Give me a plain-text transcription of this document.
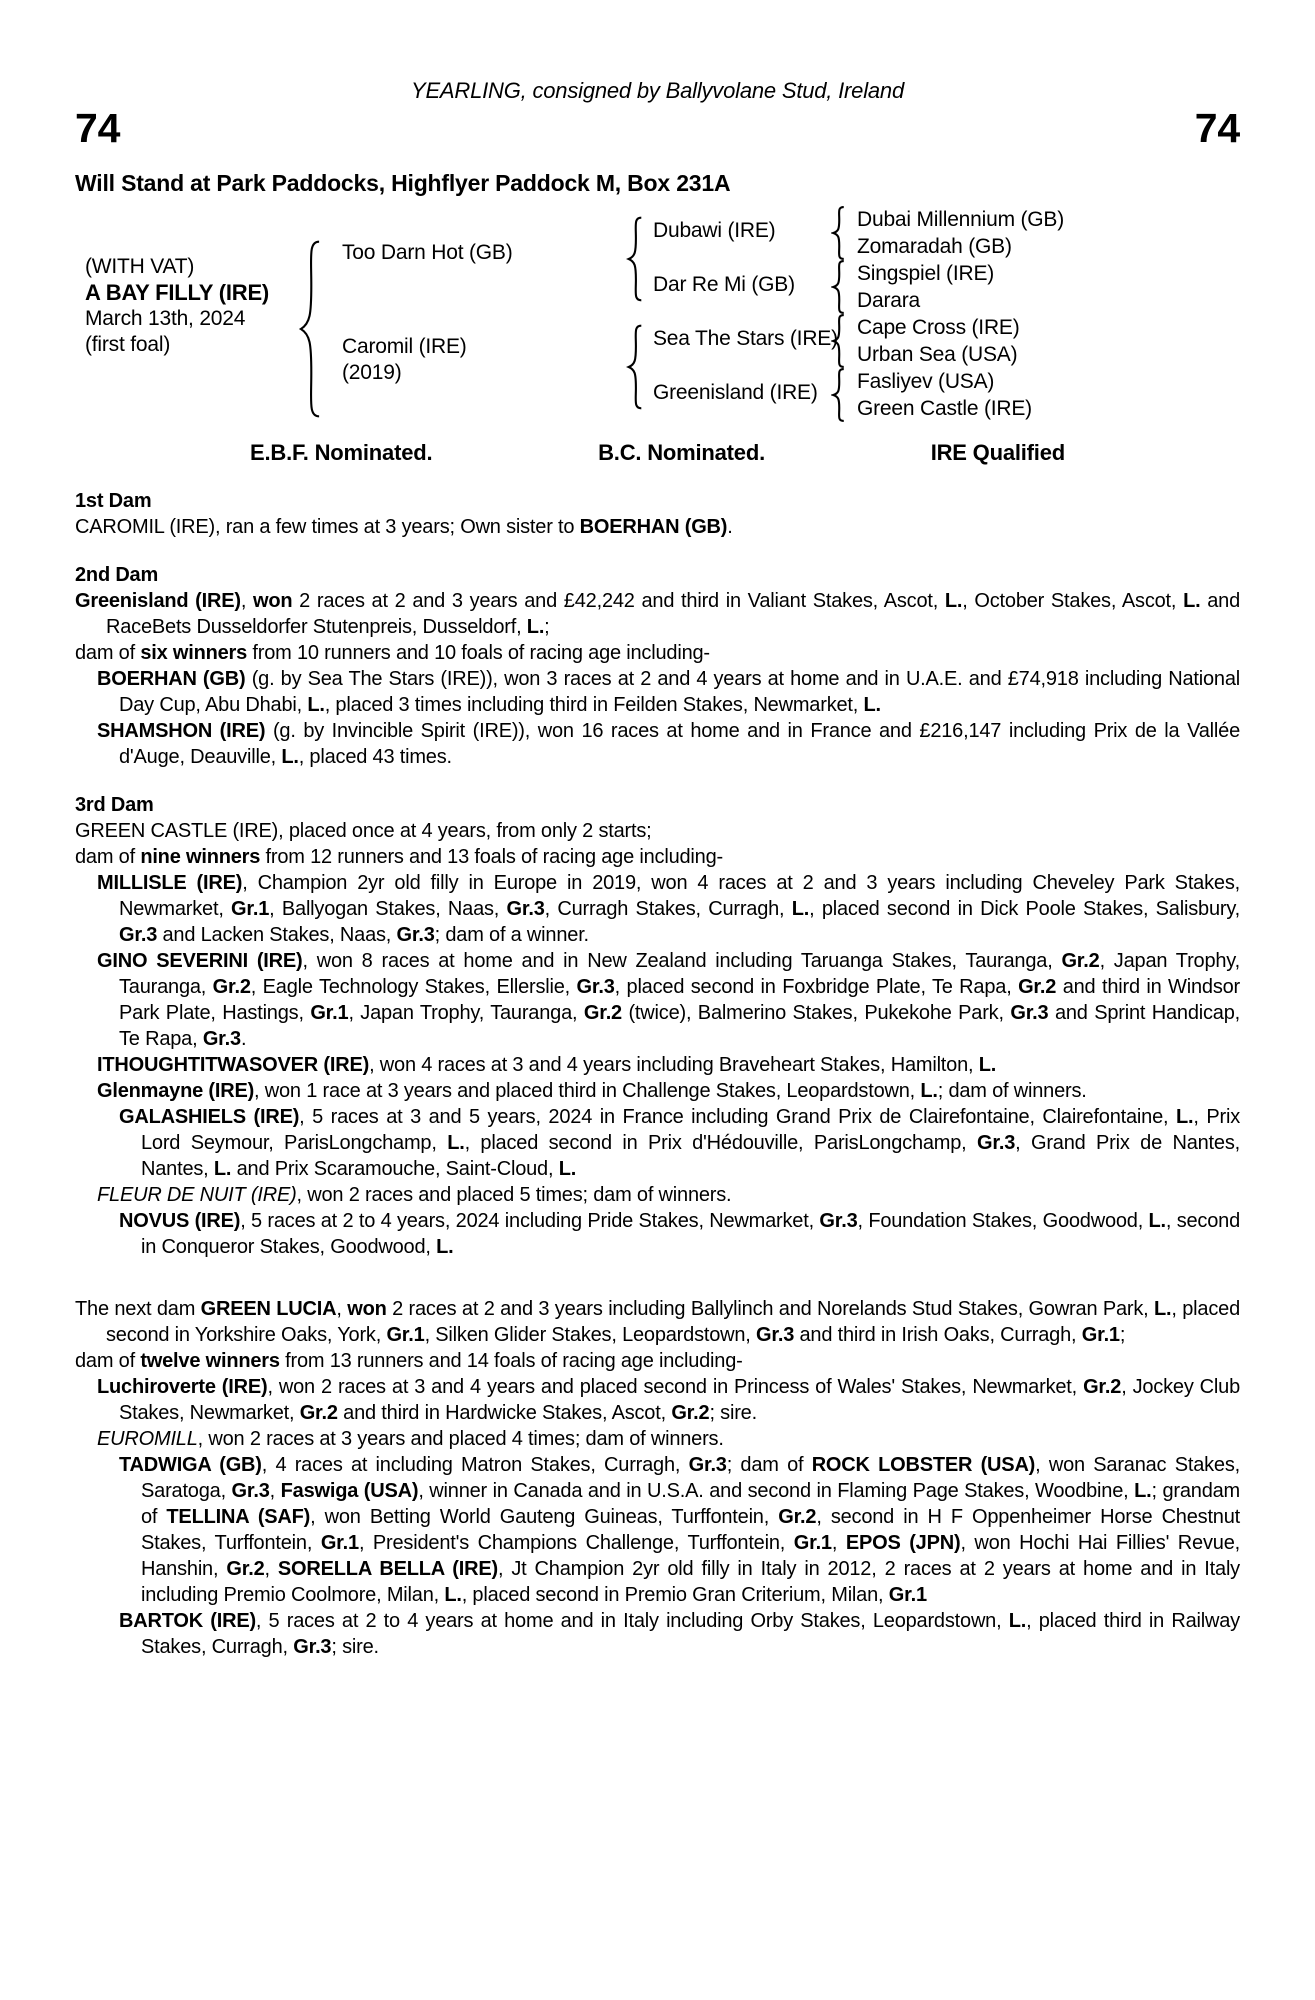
YEARLING, consigned by Ballyvolane Stud, Ireland
74	74
Will Stand at Park Paddocks, Highflyer Paddock M, Box 231A
(WITH VAT)
A BAY FILLY (IRE)
March 13th, 2024
(first foal)
Too Darn Hot (GB)
Caromil (IRE)
(2019)
Dubawi (IRE)
Dar Re Mi (GB)
Sea The Stars (IRE)
Greenisland (IRE)
Dubai Millennium (GB)
Zomaradah (GB)
Singspiel (IRE)
Darara
Cape Cross (IRE)
Urban Sea (USA)
Fasliyev (USA)
Green Castle (IRE)
E.B.F. Nominated.	B.C. Nominated.	IRE Qualified
1st Dam
CAROMIL (IRE), ran a few times at 3 years; Own sister to BOERHAN (GB).
2nd Dam
Greenisland (IRE), won 2 races at 2 and 3 years and £42,242 and third in Valiant Stakes, Ascot, L., October Stakes, Ascot, L. and RaceBets Dusseldorfer Stutenpreis, Dusseldorf, L.;
dam of six winners from 10 runners and 10 foals of racing age including-
BOERHAN (GB) (g. by Sea The Stars (IRE)), won 3 races at 2 and 4 years at home and in U.A.E. and £74,918 including National Day Cup, Abu Dhabi, L., placed 3 times including third in Feilden Stakes, Newmarket, L.
SHAMSHON (IRE) (g. by Invincible Spirit (IRE)), won 16 races at home and in France and £216,147 including Prix de la Vallée d'Auge, Deauville, L., placed 43 times.
3rd Dam
GREEN CASTLE (IRE), placed once at 4 years, from only 2 starts;
dam of nine winners from 12 runners and 13 foals of racing age including-
MILLISLE (IRE), Champion 2yr old filly in Europe in 2019, won 4 races at 2 and 3 years including Cheveley Park Stakes, Newmarket, Gr.1, Ballyogan Stakes, Naas, Gr.3, Curragh Stakes, Curragh, L., placed second in Dick Poole Stakes, Salisbury, Gr.3 and Lacken Stakes, Naas, Gr.3; dam of a winner.
GINO SEVERINI (IRE), won 8 races at home and in New Zealand including Taruanga Stakes, Tauranga, Gr.2, Japan Trophy, Tauranga, Gr.2, Eagle Technology Stakes, Ellerslie, Gr.3, placed second in Foxbridge Plate, Te Rapa, Gr.2 and third in Windsor Park Plate, Hastings, Gr.1, Japan Trophy, Tauranga, Gr.2 (twice), Balmerino Stakes, Pukekohe Park, Gr.3 and Sprint Handicap, Te Rapa, Gr.3.
ITHOUGHTITWASOVER (IRE), won 4 races at 3 and 4 years including Braveheart Stakes, Hamilton, L.
Glenmayne (IRE), won 1 race at 3 years and placed third in Challenge Stakes, Leopardstown, L.; dam of winners.
GALASHIELS (IRE), 5 races at 3 and 5 years, 2024 in France including Grand Prix de Clairefontaine, Clairefontaine, L., Prix Lord Seymour, ParisLongchamp, L., placed second in Prix d'Hédouville, ParisLongchamp, Gr.3, Grand Prix de Nantes, Nantes, L. and Prix Scaramouche, Saint-Cloud, L.
FLEUR DE NUIT (IRE), won 2 races and placed 5 times; dam of winners.
NOVUS (IRE), 5 races at 2 to 4 years, 2024 including Pride Stakes, Newmarket, Gr.3, Foundation Stakes, Goodwood, L., second in Conqueror Stakes, Goodwood, L.
The next dam GREEN LUCIA, won 2 races at 2 and 3 years including Ballylinch and Norelands Stud Stakes, Gowran Park, L., placed second in Yorkshire Oaks, York, Gr.1, Silken Glider Stakes, Leopardstown, Gr.3 and third in Irish Oaks, Curragh, Gr.1;
dam of twelve winners from 13 runners and 14 foals of racing age including-
Luchiroverte (IRE), won 2 races at 3 and 4 years and placed second in Princess of Wales' Stakes, Newmarket, Gr.2, Jockey Club Stakes, Newmarket, Gr.2 and third in Hardwicke Stakes, Ascot, Gr.2; sire.
EUROMILL, won 2 races at 3 years and placed 4 times; dam of winners.
TADWIGA (GB), 4 races at including Matron Stakes, Curragh, Gr.3; dam of ROCK LOBSTER (USA), won Saranac Stakes, Saratoga, Gr.3, Faswiga (USA), winner in Canada and in U.S.A. and second in Flaming Page Stakes, Woodbine, L.; grandam of TELLINA (SAF), won Betting World Gauteng Guineas, Turffontein, Gr.2, second in H F Oppenheimer Horse Chestnut Stakes, Turffontein, Gr.1, President's Champions Challenge, Turffontein, Gr.1, EPOS (JPN), won Hochi Hai Fillies' Revue, Hanshin, Gr.2, SORELLA BELLA (IRE), Jt Champion 2yr old filly in Italy in 2012, 2 races at 2 years at home and in Italy including Premio Coolmore, Milan, L., placed second in Premio Gran Criterium, Milan, Gr.1
BARTOK (IRE), 5 races at 2 to 4 years at home and in Italy including Orby Stakes, Leopardstown, L., placed third in Railway Stakes, Curragh, Gr.3; sire.
